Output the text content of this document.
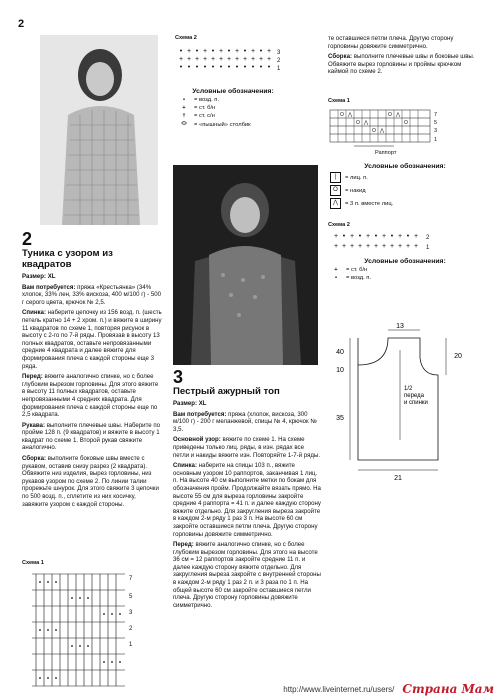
2
2
Туника с узором из квадратов

Размер: XL

Вам потребуется: пряжа «Крестьянка» (34% хлопок, 33% лен, 33% вискоза, 400 м/100 г) - 500 г серого цвета, крючок № 2,5.

Спинка: наберите цепочку из 156 возд. п. (шесть петель кратно 14 + 2 хром. п.) и вяжите в ширину 11 квадратов по схеме 1, повторяя рисунок в высоту с 2-го по 7-й ряды. Провязав в высоту 13 полных квадратов, оставьте непровязанными средние 4 квадрата и далее вяжите для формирования плеча с каждой стороны еще 3 ряда.

Перед: вяжите аналогично спинке, но с более глубоким вырезом горловины. Для этого вяжите в высоту 11 полных квадратов, оставьте непровязанными 4 средних квадрата. Для формирования плеча с каждой стороны еще по 2,5 квадрата.

Рукава: выполните плечевые швы. Наберите по пройме 128 п. (9 квадратов) и вяжите в высоту 1 квадрат по схеме 1. Второй рукав свяжите аналогично.

Сборка: выполните боковые швы вместе с рукавом, оставив снизу разрез (2 квадрата). Обвяжите низ изделия, вырез горловины, низ рукавов узором по схеме 2. По линии талии прорежьте шнурок. Для этого свяжите 3 цепочки по 500 возд. п., сплетите из них косичку, завяжите узором с каждой стороны.

Схема 1
7
5
3
2
1
Схема 2
• + • + • + • + • + • +
+ + + + + + + + + + + +
• • • • • • • • • • • •
3
2
1
Условные обозначения:
•	= возд. п.
+	= ст. б/н
†	= ст. с/н
⬭	= «пышный» столбик
3
Пестрый ажурный топ

Размер: XL

Вам потребуется: пряжа (хлопок, вискоза, 300 м/100 г) - 200 г меланжевой, спицы № 4, крючок № 3,5.

Основной узор: вяжите по схеме 1. На схеме приведены только лиц. ряды, в изн. рядах все петли и накиды вяжите изн. Повторяйте 1-7-й ряды.

Спинка: наберите на спицы 103 п., вяжите основным узором 10 раппортов, заканчивая 1 лиц. п. На высоте 40 см выполните метки по бокам для обозначения пройм. Продолжайте вязать прямо. На высоте 55 см для выреза горловины закройте средние 4 раппорта = 41 п. и далее каждую сторону вяжите отдельно. Для закругления выреза закройте в каждом 2-м ряду 1 раз 3 п. На высоте 60 см закройте оставшиеся петли плеча. Другую сторону горловины довяжите симметрично.

Перед: вяжите аналогично спинке, но с более глубоким вырезом горловины. Для этого на высоте 36 см = 12 раппортов закройте средние 11 п. и далее каждую сторону вяжите отдельно. Для закругления выреза закройте с внутренней стороны в каждом 2-м ряду 1 раз 2 п. и 3 раза по 1 п. На общей высоте 60 см закройте оставшиеся петли плеча. Другую сторону горловины довяжите симметрично.

те оставшиеся петли плеча. Другую сторону горловины довяжите симметрично.

Сборка: выполните плечевые швы и боковые швы. Обвяжите вырез горловины и проймы крючком каймой по схеме 2.

Схема 1
O
O
O
O
O
⋀
⋀
⋀
⋀	7
5
3
1
Раппорт
Условные обозначения:
|	= лиц. п.
O	= накид
⋀	= 3 п. вместе лиц.
Схема 2
+ • + • + • + • + • +
+ + + + + + + + + + +
2
1
Условные обозначения:
+	= ст. б/н
•	= возд. п.
13
40
10
20
1/2
переда
и спинки
35
21
http://www.liveinternet.ru/users/ Страна Мам
